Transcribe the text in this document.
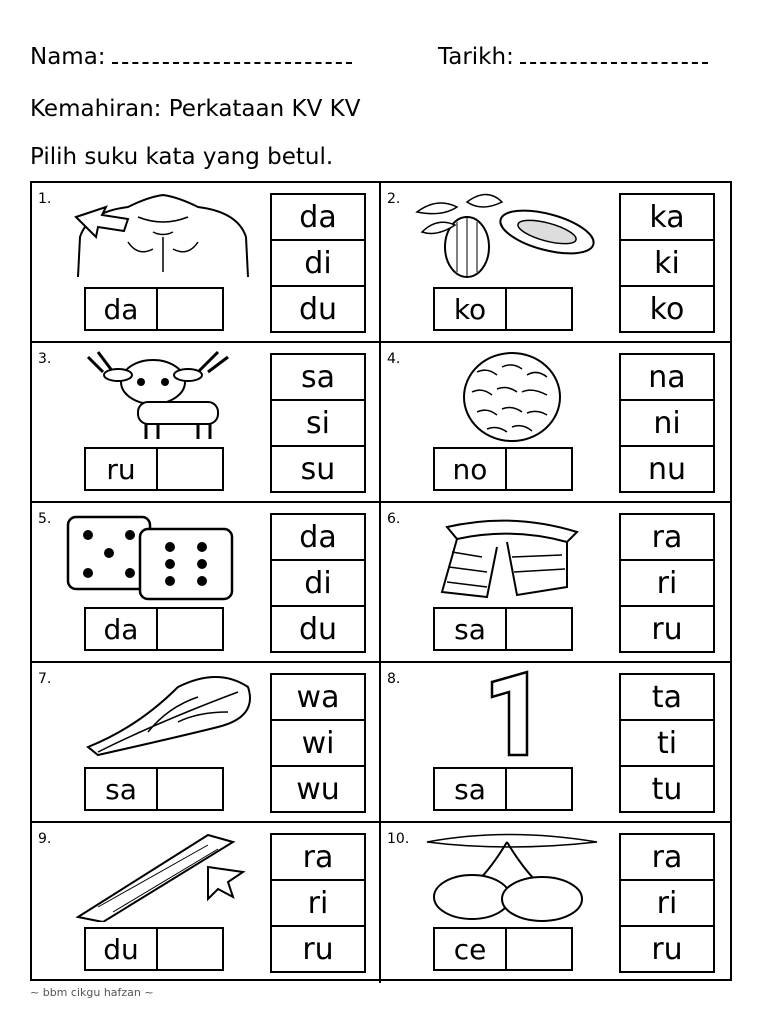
Nama:	Tarikh:
Kemahiran: Perkataan KV KV
Pilih suku kata yang betul.
1.
da
da
di
du
2.
ko
ka
ki
ko
3.
ru
sa
si
su
4.
no
na
ni
nu
5.
da
da
di
du
6.
sa
ra
ri
ru
7.
sa
wa
wi
wu
8.
sa
ta
ti
tu
9.
du
ra
ri
ru
10.
ce
ra
ri
ru
~ bbm cikgu hafzan ~
